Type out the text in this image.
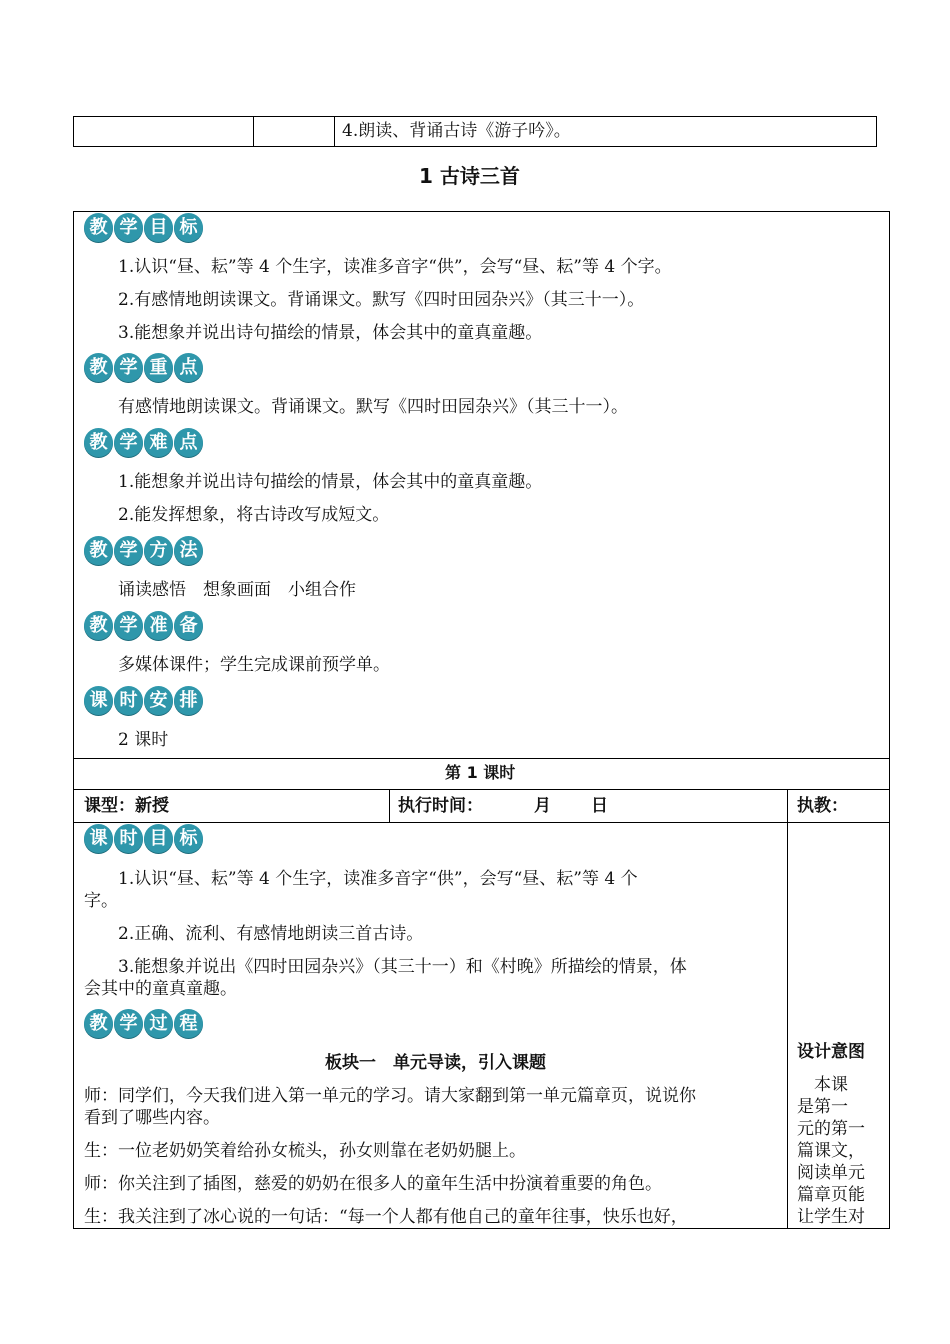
4.朗读、背诵古诗《游子吟》。
1 古诗三首
教 学 目 标
1.认识“昼、耘”等 4 个生字，读准多音字“供”，会写“昼、耘”等 4 个字。
2.有感情地朗读课文。背诵课文。默写《四时田园杂兴》（其三十一）。
3.能想象并说出诗句描绘的情景，体会其中的童真童趣。
教 学 重 点
有感情地朗读课文。背诵课文。默写《四时田园杂兴》（其三十一）。
教 学 难 点
1.能想象并说出诗句描绘的情景，体会其中的童真童趣。
2.能发挥想象，将古诗改写成短文。
教 学 方 法
诵读感悟　想象画面　小组合作
教 学 准 备
多媒体课件；学生完成课前预学单。
课 时 安 排
2 课时
第 1 课时
课型：新授	执行时间：	月 日	执教：
课 时 目 标
1.认识“昼、耘”等 4 个生字，读准多音字“供”，会写“昼、耘”等 4 个
字。
2.正确、流利、有感情地朗读三首古诗。
3.能想象并说出《四时田园杂兴》（其三十一）和《村晚》所描绘的情景，体
会其中的童真童趣。
教 学 过 程
板块一　单元导读，引入课题
师：同学们，今天我们进入第一单元的学习。请大家翻到第一单元篇章页，说说你
看到了哪些内容。
生：一位老奶奶笑着给孙女梳头，孙女则靠在老奶奶腿上。
师：你关注到了插图，慈爱的奶奶在很多人的童年生活中扮演着重要的角色。
生：我关注到了冰心说的一句话：“每一个人都有他自己的童年往事，快乐也好，
设计意图
　本课
是第一
元的第一
篇课文，
阅读单元
篇章页能
让学生对
